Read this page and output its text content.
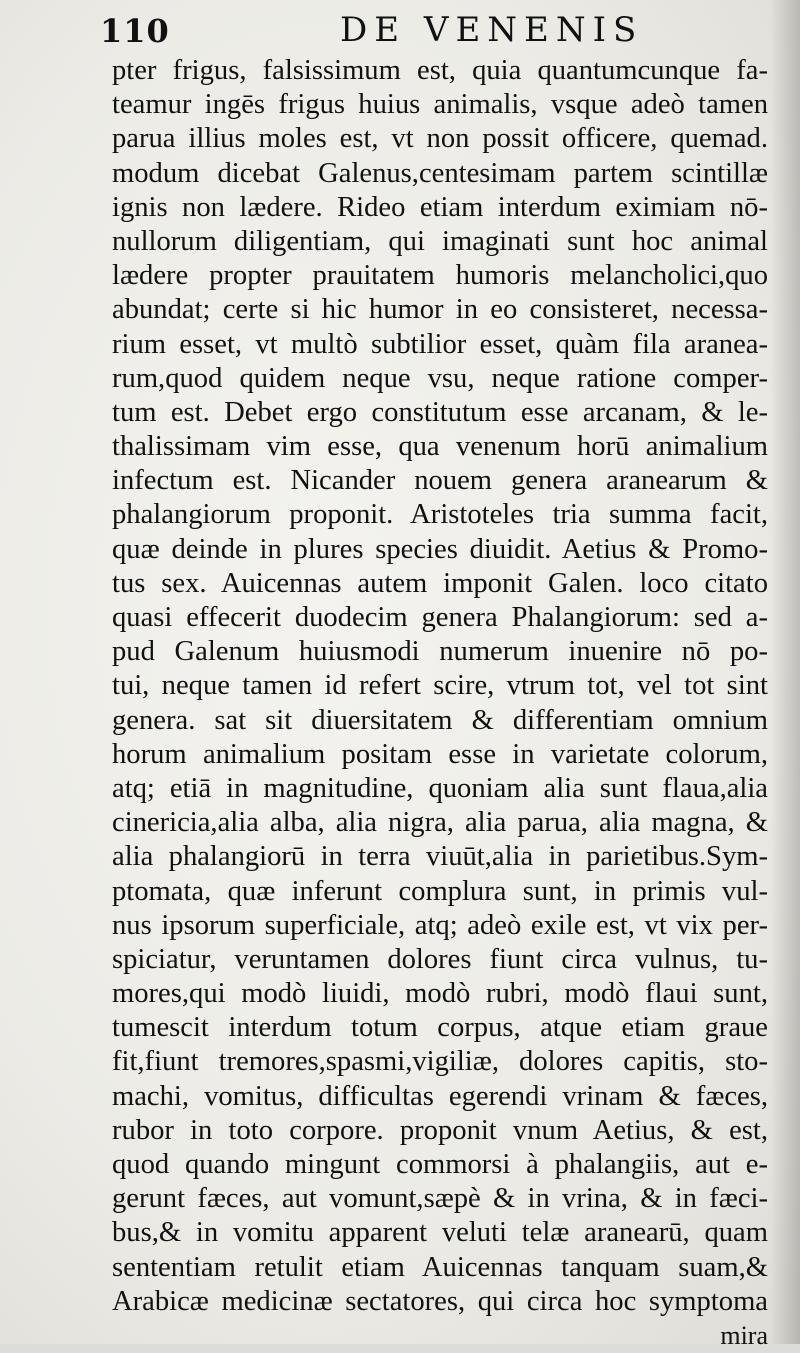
110	DE VENENIS
pter frigus, falsissimum est, quia quantumcunque fa-
teamur ingēs frigus huius animalis, vsque adeò tamen
parua illius moles est, vt non possit officere, quemad.
modum dicebat Galenus,centesimam partem scintillæ
ignis non lædere. Rideo etiam interdum eximiam nō-
nullorum diligentiam, qui imaginati sunt hoc animal
lædere propter prauitatem humoris melancholici,quo
abundat; certe si hic humor in eo consisteret, necessa-
rium esset, vt multò subtilior esset, quàm fila aranea-
rum,quod quidem neque vsu, neque ratione comper-
tum est. Debet ergo constitutum esse arcanam, & le-
thalissimam vim esse, qua venenum horū animalium
infectum est. Nicander nouem genera aranearum &
phalangiorum proponit. Aristoteles tria summa facit,
quæ deinde in plures species diuidit. Aetius & Promo-
tus sex. Auicennas autem imponit Galen. loco citato
quasi effecerit duodecim genera Phalangiorum: sed a-
pud Galenum huiusmodi numerum inuenire nō po-
tui, neque tamen id refert scire, vtrum tot, vel tot sint
genera. sat sit diuersitatem & differentiam omnium
horum animalium positam esse in varietate colorum,
atq; etiā in magnitudine, quoniam alia sunt flaua,alia
cinericia,alia alba, alia nigra, alia parua, alia magna, &
alia phalangiorū in terra viuūt,alia in parietibus.Sym-
ptomata, quæ inferunt complura sunt, in primis vul-
nus ipsorum superficiale, atq; adeò exile est, vt vix per-
spiciatur, veruntamen dolores fiunt circa vulnus, tu-
mores,qui modò liuidi, modò rubri, modò flaui sunt,
tumescit interdum totum corpus, atque etiam graue
fit,fiunt tremores,spasmi,vigiliæ, dolores capitis, sto-
machi, vomitus, difficultas egerendi vrinam & fæces,
rubor in toto corpore. proponit vnum Aetius, & est,
quod quando mingunt commorsi à phalangiis, aut e-
gerunt fæces, aut vomunt,sæpè & in vrina, & in fæci-
bus,& in vomitu apparent veluti telæ aranearū, quam
sententiam retulit etiam Auicennas tanquam suam,&
Arabicæ medicinæ sectatores, qui circa hoc symptoma
mira
